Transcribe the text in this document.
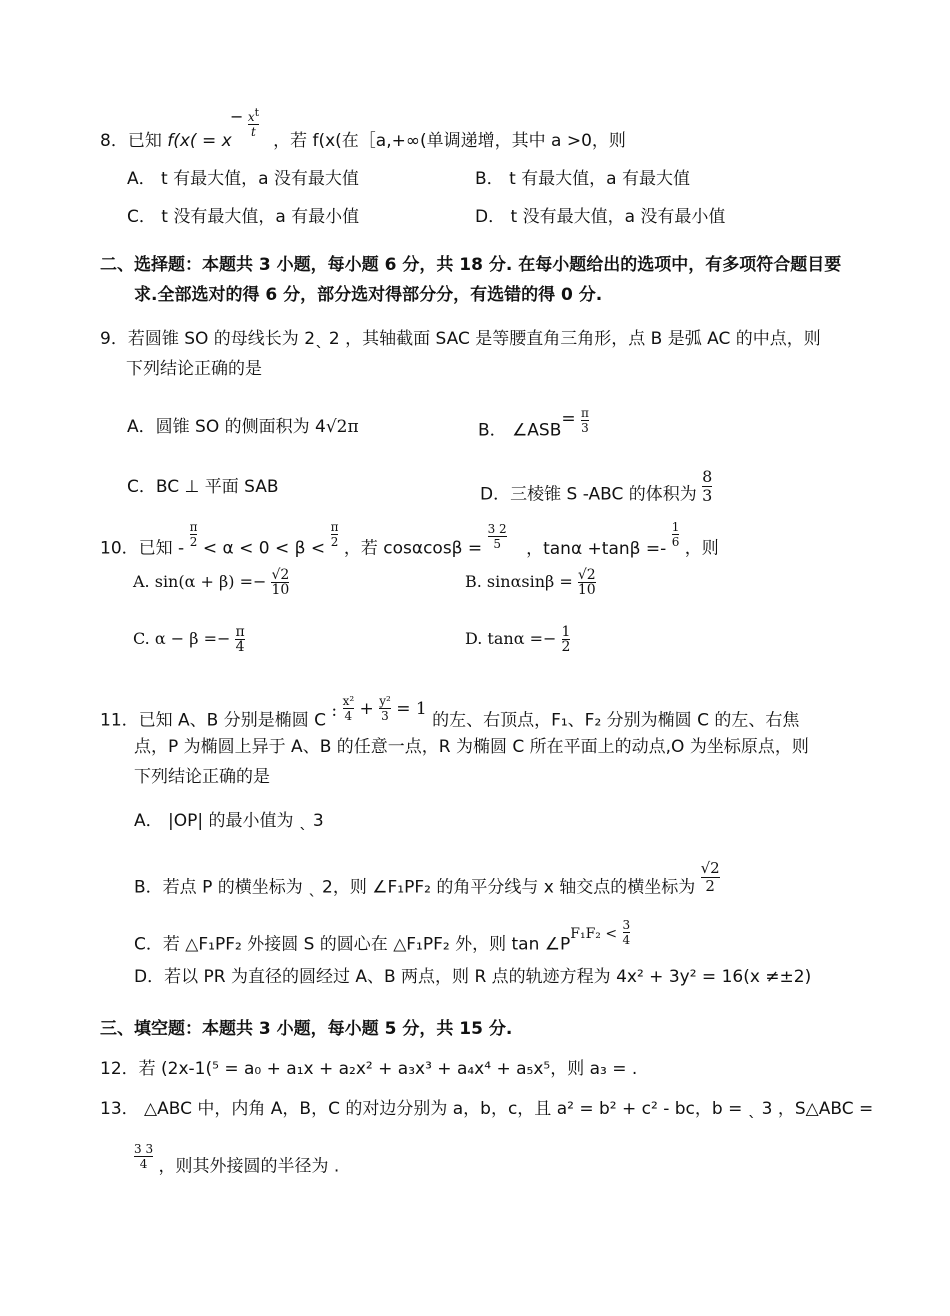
8．已知 f(x( = x
− $\frac{xt}{t}$
，若 f(x(在［a,+∞(单调递增，其中 a >0，则
A． t 有最大值，a 没有最大值	B． t 有最大值，a 有最大值
C． t 没有最大值，a 有最小值	D． t 没有最大值，a 没有最小值
二、选择题：本题共 3 小题，每小题 6 分，共 18 分. 在每小题给出的选项中，有多项符合题目要
求.全部选对的得 6 分，部分选对得部分分，有选错的得 0 分.
9．若圆锥 SO 的母线长为 2ˎ 2 ，其轴截面 SAC 是等腰直角三角形，点 B 是弧 AC 的中点，则
下列结论正确的是
A．圆锥 SO 的侧面积为 4√2π	B． ∠ASB= $\frac{\pi}{3}$
C．BC ⊥ 平面 SAB	D．三棱锥 S -ABC 的体积为 $\frac{8}{3}$
10．已知 - $\frac{\pi}{2} < \alpha < 0 < \beta < \frac{\pi}{2}$ ，若 $\cos\alpha\cos\beta = \frac{3 2}{5}$ ，$\tan\alpha +\tan\beta =- \frac{1}{6}$ ，则
A. $\sin(\alpha + \beta) =- \frac{√2}{10}$	B. $\sin\alpha\sin\beta = \frac{√2}{10}$
C. $\alpha - \beta =- \frac{\pi}{4}$	D. $\tan\alpha =- \frac{1}{2}$
11．已知 A、B 分别是椭圆 C : $\frac{\text{x²}}{4} + \frac{\text{y²}}{3} = 1$ 的左、右顶点，F₁、F₂ 分别为椭圆 C 的左、右焦
点，P 为椭圆上异于 A、B 的任意一点，R 为椭圆 C 所在平面上的动点,O 为坐标原点，则
下列结论正确的是
A． |OP| 的最小值为 ˎ 3
B．若点 P 的横坐标为 ˎ 2，则 ∠F₁PF₂ 的角平分线与 x 轴交点的横坐标为 $\frac{√2}{2}$
C．若 △F₁PF₂ 外接圆 S 的圆心在 △F₁PF₂ 外，则 $\tan \angle P^{F_1F_2 <} \frac{3}{4}$
D．若以 PR 为直径的圆经过 A、B 两点，则 R 点的轨迹方程为 4x² + 3y² = 16(x ≠±2)
三、填空题：本题共 3 小题，每小题 5 分，共 15 分.
12．若 (2x-1(⁵ = a₀ + a₁x + a₂x² + a₃x³ + a₄x⁴ + a₅x⁵，则 a₃ = .
13． △ABC 中，内角 A，B，C 的对边分别为 a，b，c，且 a² = b² + c² - bc，b = ˎ 3 ，S△ABC =
$\frac{3 3}{4}$ ，则其外接圆的半径为 .
